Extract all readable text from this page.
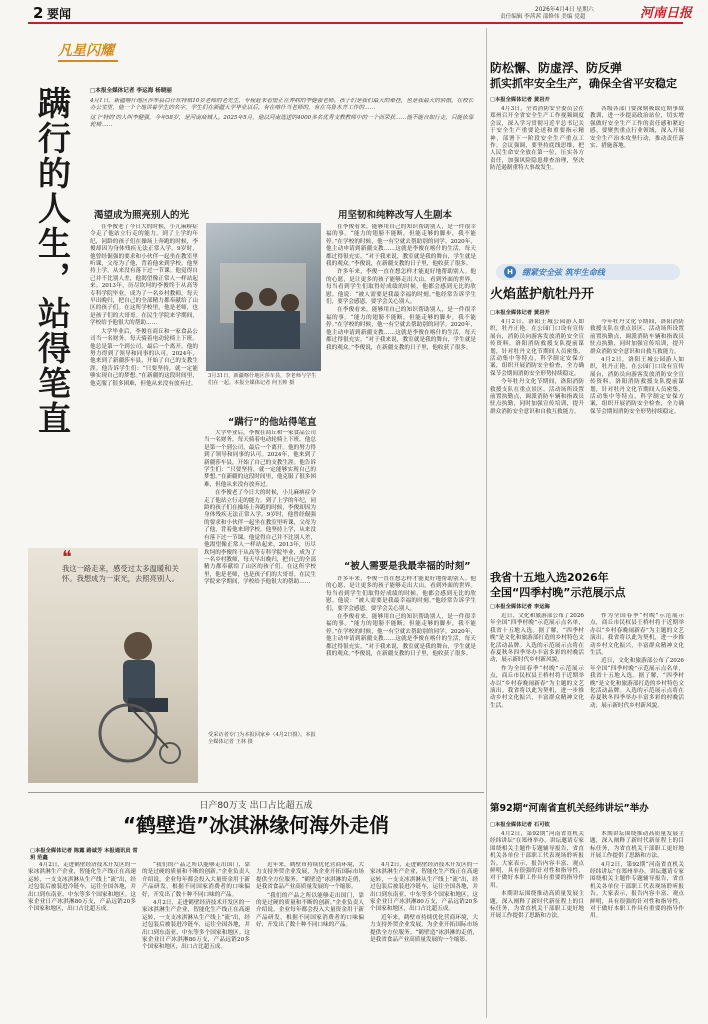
2 要闻	2026年4月4日 星期六
责任编辑 李茜茜 邵修伟 美编 党超	河南日报
凡星闪耀
蹒行的人生，站得笔直	□本报全媒体记者 李运海 杨晓丽
4月1日，新疆喀什地区莎车县白什坎特镇10岁老师的老先生，专程赶来看望正在养病的李健强老师。孩子们是我们最大的牵挂，也是我最大的骄傲。在校长办公室里，他一个个地讲着学生的名字，学生们在新疆大学毕业以后，有在喀什当老师的，有在乌鲁木齐工作的……
这个'特的'的人叫李健强，今年58岁，是河南商城人。2025年5月，他以河南选送的4000多名优秀支教教师中的一个而荣获……他不能自如行走，只能依靠轮椅……
渴望成为照亮别人的光

在李俊老了今日大的时候，小儿麻痹症令走了他站立行走的能力。到了上学的年纪，同龄的孩子们在操场上奔跑的时候，李俊却因为身体残疾无法正常入学。9岁时，他曾经倔强的要求和小伙伴一起坐在教室里听课，父母为了他，背着他来到学校。他坚持上学，从来没有落下过一节课。他觉得自己并不比别人差，他渴望像正常人一样站起来。2013年，历尽坎坷的李俊终于从高等专科学院毕业，成为了一名乡村教师，每天早出晚归，把自己的全部精力都奉献给了山区的孩子们。在这所学校里，他是老师，也是孩子们的大哥哥。在民生学院来学期间，学校给予他很大的帮助……

大学毕业后，李俊在商丘和一家食品公司当一名财务，每天骑着电动轮椅上下班。他总是第一个到公司，最后一个离开。他的努力得到了领导和同事的认可。2024年，他来到了新疆莎车县，开始了自己的支教生涯。他告诉学生们：“只要坚持，就一定能够实现自己的梦想。”在新疆的这段时间里，他克服了很多困难，但他从来没有放弃过。

❝
我这一路走来，感受过太多温暖和关怀。我想成为一束光，去照亮别人。
3月31日，新疆喀什地区莎车县，李老师与学生们在一起。本报全媒体记者 何玉帅 摄
“蹒行”的他站得笔直

大学毕业后，李俊在商丘和一家食品公司当一名财务，每天骑着电动轮椅上下班。他总是第一个到公司，最后一个离开。他的努力得到了领导和同事的认可。2024年，他来到了新疆莎车县，开始了自己的支教生涯。他告诉学生们：“只要坚持，就一定能够实现自己的梦想。”在新疆的这段时间里，他克服了很多困难，但他从来没有放弃过。

在李俊老了今日大的时候，小儿麻痹症令走了他站立行走的能力。到了上学的年纪，同龄的孩子们在操场上奔跑的时候，李俊却因为身体残疾无法正常入学。9岁时，他曾经倔强的要求和小伙伴一起坐在教室里听课，父母为了他，背着他来到学校。他坚持上学，从来没有落下过一节课。他觉得自己并不比别人差，他渴望像正常人一样站起来。2013年，历尽坎坷的李俊终于从高等专科学院毕业，成为了一名乡村教师，每天早出晚归，把自己的全部精力都奉献给了山区的孩子们。在这所学校里，他是老师，也是孩子们的大哥哥。在民生学院来学期间，学校给予他很大的帮助……

用坚韧和纯粹改写人生剧本

在李俊看来，能够用自己的知识帮助别人，是一件很幸福的事。“能力的翅膀不能断，但能走够的脚步，我不能停。”在学校的时候，他一有空就去帮助别的同学。2020年，他主动申请到新疆支教……这就是李俊在喀什的生活，每天都过得很充实。“对于我来说，教室就是我的舞台，学生就是我的观众。”李俊说，在新疆支教的日子里，他收获了很多。

许多年来，李俊一直在想怎样才能更好地帮助别人。他的心愿，是让更多的孩子能够走出大山，看到外面的世界。每当看到学生们取得好成绩的时候，他都会感到无比的欣慰。他说：“被人需要是我最幸福的时刻。”他经常告诉学生们，要学会感恩，要学会关心别人。

在李俊看来，能够用自己的知识帮助别人，是一件很幸福的事。“能力的翅膀不能断，但能走够的脚步，我不能停。”在学校的时候，他一有空就去帮助别的同学。2020年，他主动申请到新疆支教……这就是李俊在喀什的生活，每天都过得很充实。“对于我来说，教室就是我的舞台，学生就是我的观众。”李俊说，在新疆支教的日子里，他收获了很多。

“被人需要是我最幸福的时刻”

许多年来，李俊一直在想怎样才能更好地帮助别人。他的心愿，是让更多的孩子能够走出大山，看到外面的世界。每当看到学生们取得好成绩的时候，他都会感到无比的欣慰。他说：“被人需要是我最幸福的时刻。”他经常告诉学生们，要学会感恩，要学会关心别人。

在李俊看来，能够用自己的知识帮助别人，是一件很幸福的事。“能力的翅膀不能断，但能走够的脚步，我不能停。”在学校的时候，他一有空就去帮助别的同学。2020年，他主动申请到新疆支教……这就是李俊在喀什的生活，每天都过得很充实。“对于我来说，教室就是我的舞台，学生就是我的观众。”李俊说，在新疆支教的日子里，他收获了很多。

受采访者专门为本报回家乡（4月2日摄）。本报全媒体记者 王林 摄
防松懈、防虚浮、防反弹
抓实抓牢安全生产，确保全省平安稳定
□本报全媒体记者 黄岩开

4月3日，全省消防安全委员会在郑州召开全省安全生产工作视频调度会议，深入学习贯彻习近平总书记关于安全生产重要论述和重要指示精神，部署下一阶段安全生产重点工作。会议强调，要坚持底线思维，把人民生命安全放在第一位，压实各方责任，加强风险隐患排查治理，坚决防范遏制重特大事故发生。

各级各部门要深刻吸取近期事故教训，进一步提高政治站位，切实增强做好安全生产工作的责任感和紧迫感。要聚焦重点行业领域，深入开展安全生产治本攻坚行动，推动责任落实、措施落地。

H	绷紧安全弦 筑牢生命线
火焰蓝护航牡丹开
□本报全媒体记者 黄岩开

4月2日，洛阳王城公园游人如织，牡丹正艳。在公园门口设有宣传展台，消防员向游客发放消防安全宣传资料。洛阳消防救援支队提前谋划，针对牡丹文化节期间人员密集、活动集中等特点，科学制定安保方案，组织开展消防安全检查，全力确保节会期间消防安全形势持续稳定。

今年牡丹文化节期间，洛阳消防救援支队在重点景区、活动场所设置前置执勤点，调派消防车辆和指战员驻点执勤，同时加强宣传培训，提升群众消防安全意识和自救互救能力。

今年牡丹文化节期间，洛阳消防救援支队在重点景区、活动场所设置前置执勤点，调派消防车辆和指战员驻点执勤，同时加强宣传培训，提升群众消防安全意识和自救互救能力。

4月2日，洛阳王城公园游人如织，牡丹正艳。在公园门口设有宣传展台，消防员向游客发放消防安全宣传资料。洛阳消防救援支队提前谋划，针对牡丹文化节期间人员密集、活动集中等特点，科学制定安保方案，组织开展消防安全检查，全力确保节会期间消防安全形势持续稳定。

我省十五地入选2026年
全国“四季村晚”示范展示点
□本报全媒体记者 李运海

近日，文化和旅游部公布了2026年全国“四季村晚”示范展示点名单，我省十五地入选。据了解，“四季村晚”是文化和旅游部打造的乡村特色文化活动品牌。入选的示范展示点将在春夏秋冬四季举办丰富多彩的村晚活动，展示新时代乡村新风貌。

作为全国春季“村晚”示范展示点，商丘市民权县王桥村将于近期举办以“乡村春晚闹新春”为主题的文艺演出。我省将以此为契机，进一步推动乡村文化振兴，丰富群众精神文化生活。

作为全国春季“村晚”示范展示点，商丘市民权县王桥村将于近期举办以“乡村春晚闹新春”为主题的文艺演出。我省将以此为契机，进一步推动乡村文化振兴，丰富群众精神文化生活。

近日，文化和旅游部公布了2026年全国“四季村晚”示范展示点名单，我省十五地入选。据了解，“四季村晚”是文化和旅游部打造的乡村特色文化活动品牌。入选的示范展示点将在春夏秋冬四季举办丰富多彩的村晚活动，展示新时代乡村新风貌。

日产80万支 出口占比超五成
“鹤壁造”冰淇淋缘何海外走俏
□本报全媒体记者 陈露 路诚芳 本报通讯员 常玥 范鑫

4月2日，走进鹤壁经济技术开发区的一家冰淇淋生产企业，智能化生产线正在高速运转，一支支冰淇淋从生产线上“流”出，经过包装后被装进冷链车，运往全国各地，并出口到东南亚、中东等多个国家和地区。这家企业日产冰淇淋80万支，产品远销20多个国家和地区，出口占比超五成。

“我们的产品之所以能够走出国门，靠的是过硬的质量和不断的创新。”企业负责人介绍说，企业每年都会投入大量资金用于新产品研发，根据不同国家消费者的口味偏好，开发出了数十种不同口味的产品。

4月2日，走进鹤壁经济技术开发区的一家冰淇淋生产企业，智能化生产线正在高速运转，一支支冰淇淋从生产线上“流”出，经过包装后被装进冷链车，运往全国各地，并出口到东南亚、中东等多个国家和地区。这家企业日产冰淇淋80万支，产品远销20多个国家和地区，出口占比超五成。

近年来，鹤壁市持续优化营商环境，大力支持外贸企业发展，为企业开拓国际市场提供全方位服务。“鹤壁造”冰淇淋的走俏，是我省食品产业高质量发展的一个缩影。

“我们的产品之所以能够走出国门，靠的是过硬的质量和不断的创新。”企业负责人介绍说，企业每年都会投入大量资金用于新产品研发，根据不同国家消费者的口味偏好，开发出了数十种不同口味的产品。

4月2日，走进鹤壁经济技术开发区的一家冰淇淋生产企业，智能化生产线正在高速运转，一支支冰淇淋从生产线上“流”出，经过包装后被装进冷链车，运往全国各地，并出口到东南亚、中东等多个国家和地区。这家企业日产冰淇淋80万支，产品远销20多个国家和地区，出口占比超五成。

近年来，鹤壁市持续优化营商环境，大力支持外贸企业发展，为企业开拓国际市场提供全方位服务。“鹤壁造”冰淇淋的走俏，是我省食品产业高质量发展的一个缩影。

第92期“河南省直机关经纬讲坛”举办
□本报全媒体记者 石可钦

4月2日，第92期“河南省直机关经纬讲坛”在郑州举办。讲坛邀请专家围绕相关主题作专题辅导报告，省直机关各单位干部职工代表现场聆听报告。大家表示，报告内容丰富、观点鲜明，具有很强的针对性和指导性，对于做好本职工作具有重要的指导作用。

本期讲坛围绕推动高质量发展主题，深入阐释了新时代新征程上的目标任务，为省直机关干部职工更好地开展工作提供了思路和方法。

本期讲坛围绕推动高质量发展主题，深入阐释了新时代新征程上的目标任务，为省直机关干部职工更好地开展工作提供了思路和方法。

4月2日，第92期“河南省直机关经纬讲坛”在郑州举办。讲坛邀请专家围绕相关主题作专题辅导报告，省直机关各单位干部职工代表现场聆听报告。大家表示，报告内容丰富、观点鲜明，具有很强的针对性和指导性，对于做好本职工作具有重要的指导作用。
